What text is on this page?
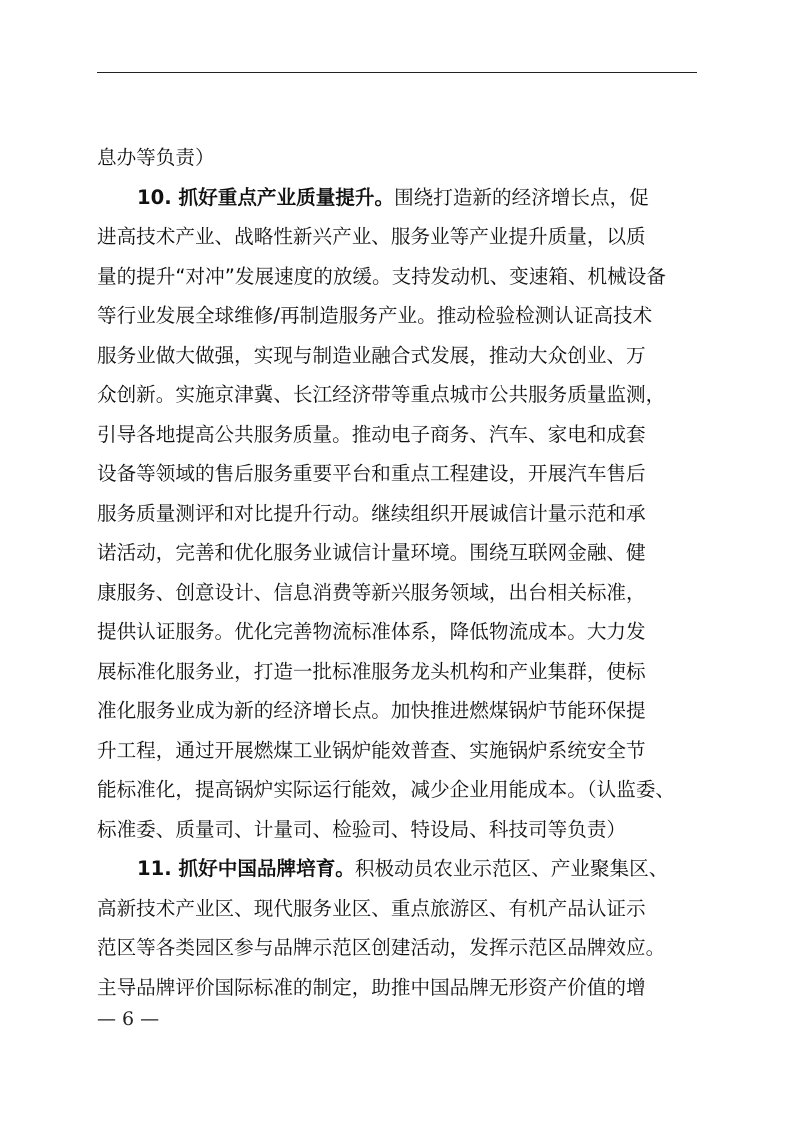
息办等负责）
10. 抓好重点产业质量提升。围绕打造新的经济增长点，促
进高技术产业、战略性新兴产业、服务业等产业提升质量，以质
量的提升“对冲”发展速度的放缓。支持发动机、变速箱、机械设备
等行业发展全球维修/再制造服务产业。推动检验检测认证高技术
服务业做大做强，实现与制造业融合式发展，推动大众创业、万
众创新。实施京津冀、长江经济带等重点城市公共服务质量监测，
引导各地提高公共服务质量。推动电子商务、汽车、家电和成套
设备等领域的售后服务重要平台和重点工程建设，开展汽车售后
服务质量测评和对比提升行动。继续组织开展诚信计量示范和承
诺活动，完善和优化服务业诚信计量环境。围绕互联网金融、健
康服务、创意设计、信息消费等新兴服务领域，出台相关标准，
提供认证服务。优化完善物流标准体系，降低物流成本。大力发
展标准化服务业，打造一批标准服务龙头机构和产业集群，使标
准化服务业成为新的经济增长点。加快推进燃煤锅炉节能环保提
升工程，通过开展燃煤工业锅炉能效普查、实施锅炉系统安全节
能标准化，提高锅炉实际运行能效，减少企业用能成本。（认监委、
标准委、质量司、计量司、检验司、特设局、科技司等负责）
11. 抓好中国品牌培育。积极动员农业示范区、产业聚集区、
高新技术产业区、现代服务业区、重点旅游区、有机产品认证示
范区等各类园区参与品牌示范区创建活动，发挥示范区品牌效应。
主导品牌评价国际标准的制定，助推中国品牌无形资产价值的增
— 6 —
